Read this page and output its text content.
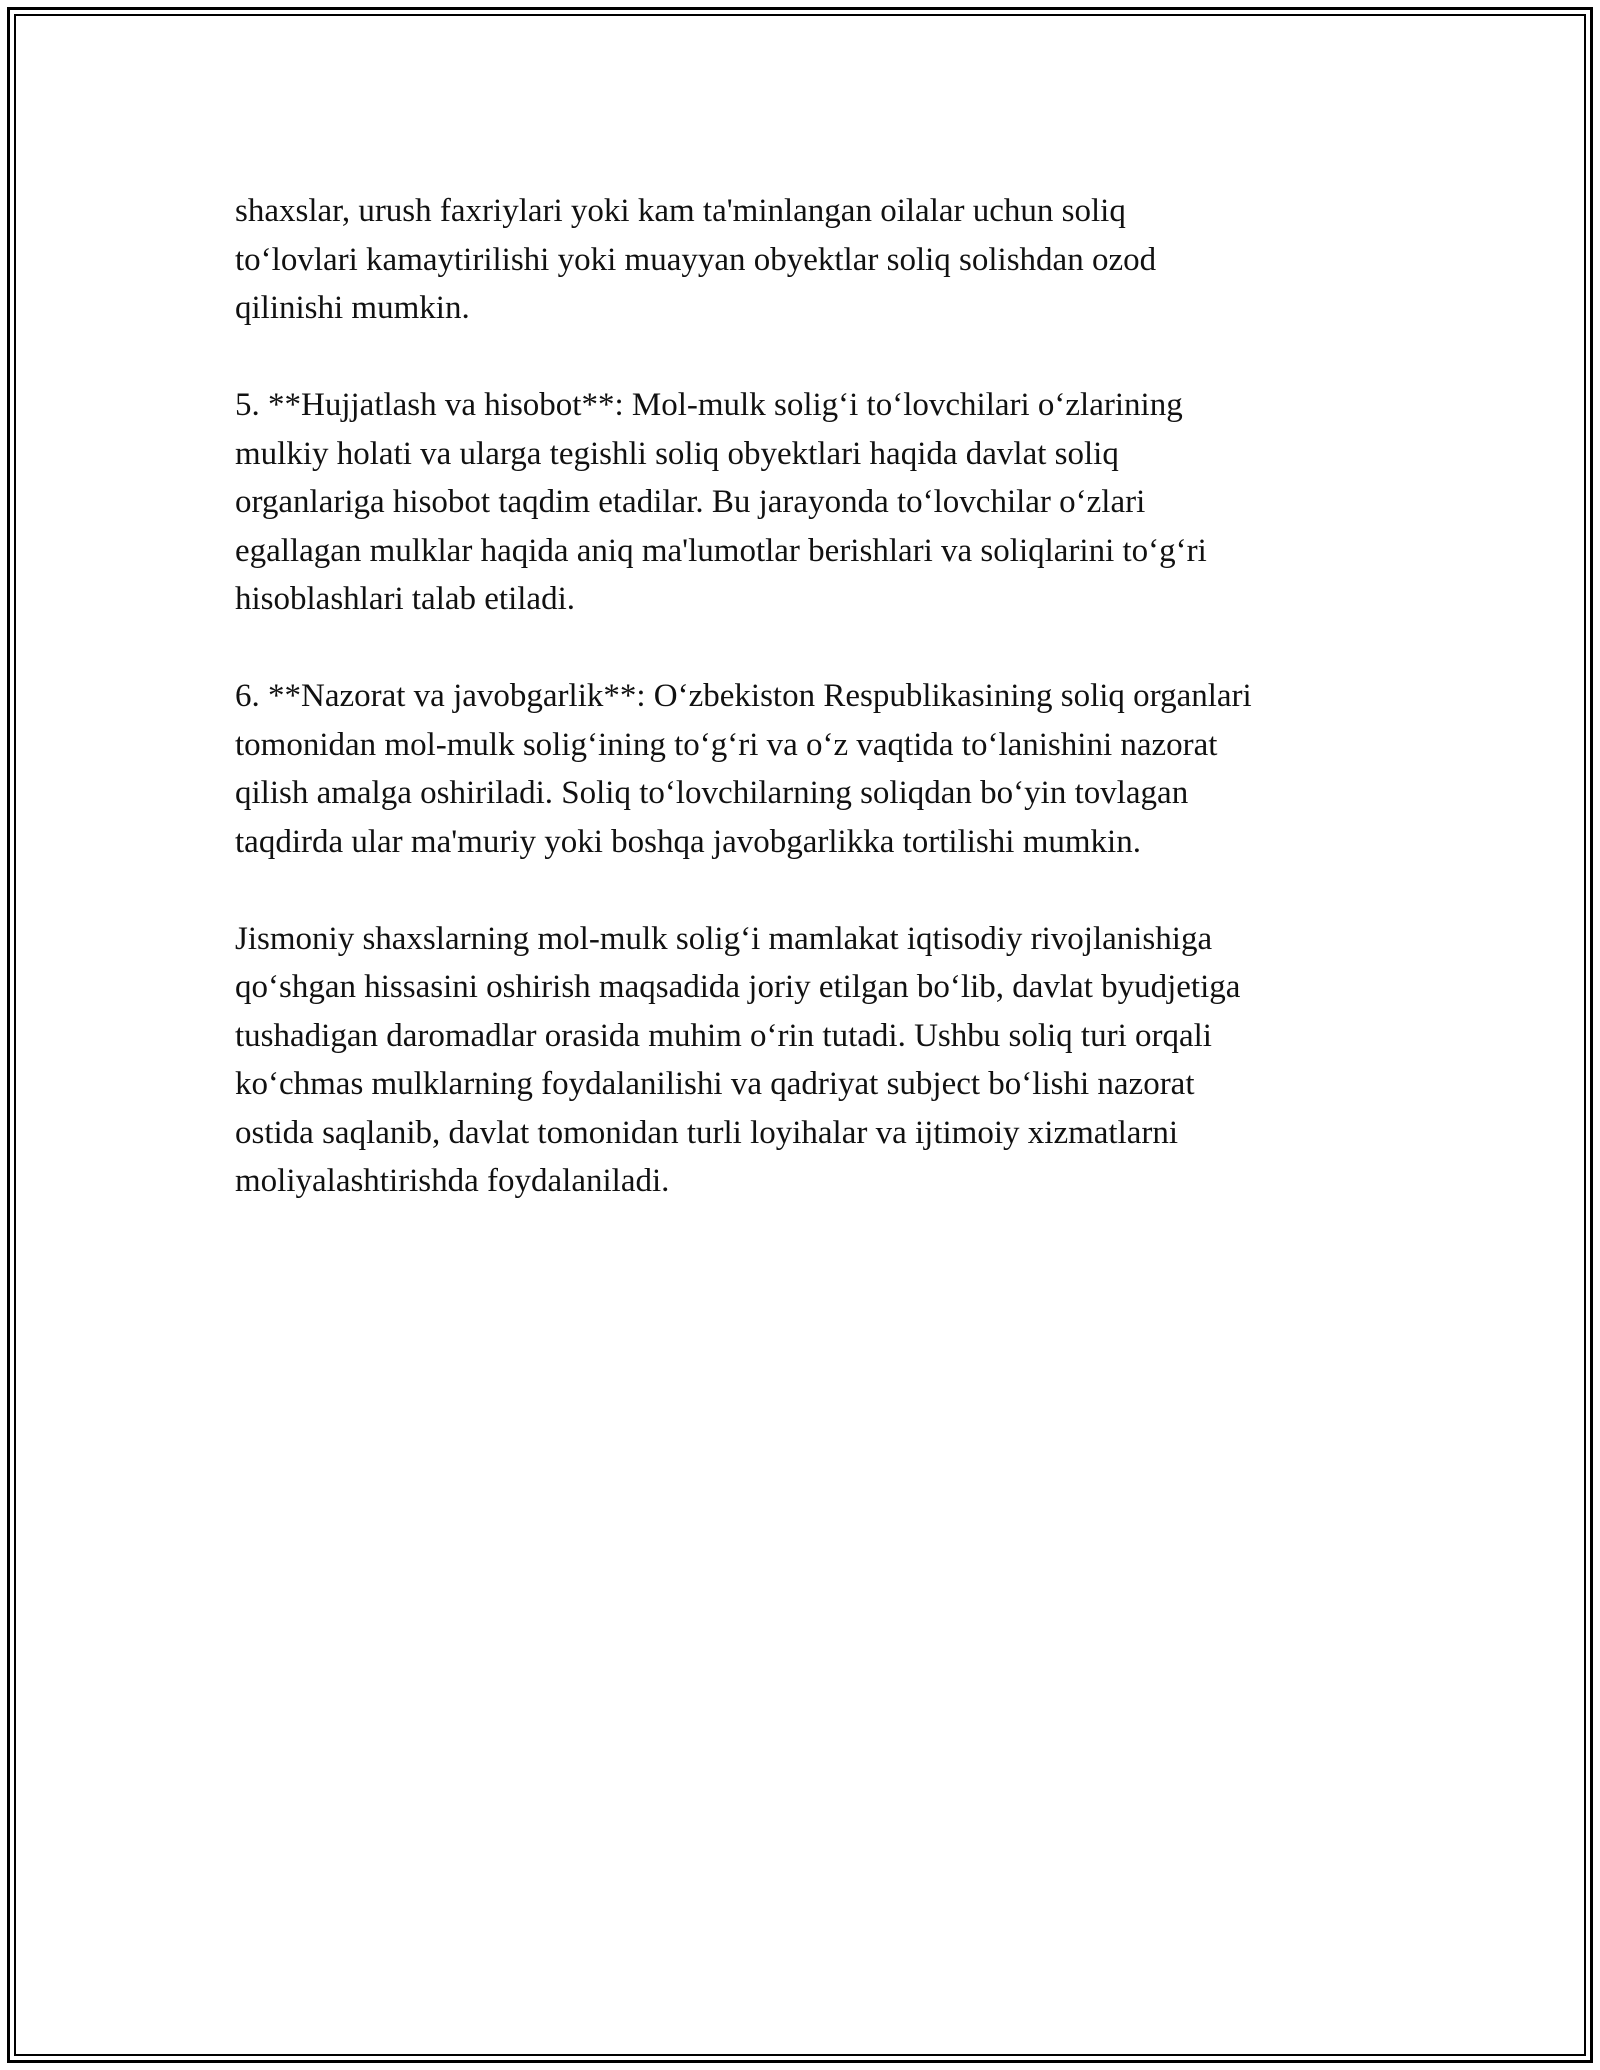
shaxslar, urush faxriylari yoki kam ta'minlangan oilalar uchun soliq
to‘lovlari kamaytirilishi yoki muayyan obyektlar soliq solishdan ozod
qilinishi mumkin.

5. **Hujjatlash va hisobot**: Mol-mulk solig‘i to‘lovchilari o‘zlarining
mulkiy holati va ularga tegishli soliq obyektlari haqida davlat soliq
organlariga hisobot taqdim etadilar. Bu jarayonda to‘lovchilar o‘zlari
egallagan mulklar haqida aniq ma'lumotlar berishlari va soliqlarini to‘g‘ri
hisoblashlari talab etiladi.

6. **Nazorat va javobgarlik**: O‘zbekiston Respublikasining soliq organlari
tomonidan mol-mulk solig‘ining to‘g‘ri va o‘z vaqtida to‘lanishini nazorat
qilish amalga oshiriladi. Soliq to‘lovchilarning soliqdan bo‘yin tovlagan
taqdirda ular ma'muriy yoki boshqa javobgarlikka tortilishi mumkin.

Jismoniy shaxslarning mol-mulk solig‘i mamlakat iqtisodiy rivojlanishiga
qo‘shgan hissasini oshirish maqsadida joriy etilgan bo‘lib, davlat byudjetiga
tushadigan daromadlar orasida muhim o‘rin tutadi. Ushbu soliq turi orqali
ko‘chmas mulklarning foydalanilishi va qadriyat subject bo‘lishi nazorat
ostida saqlanib, davlat tomonidan turli loyihalar va ijtimoiy xizmatlarni
moliyalashtirishda foydalaniladi.
